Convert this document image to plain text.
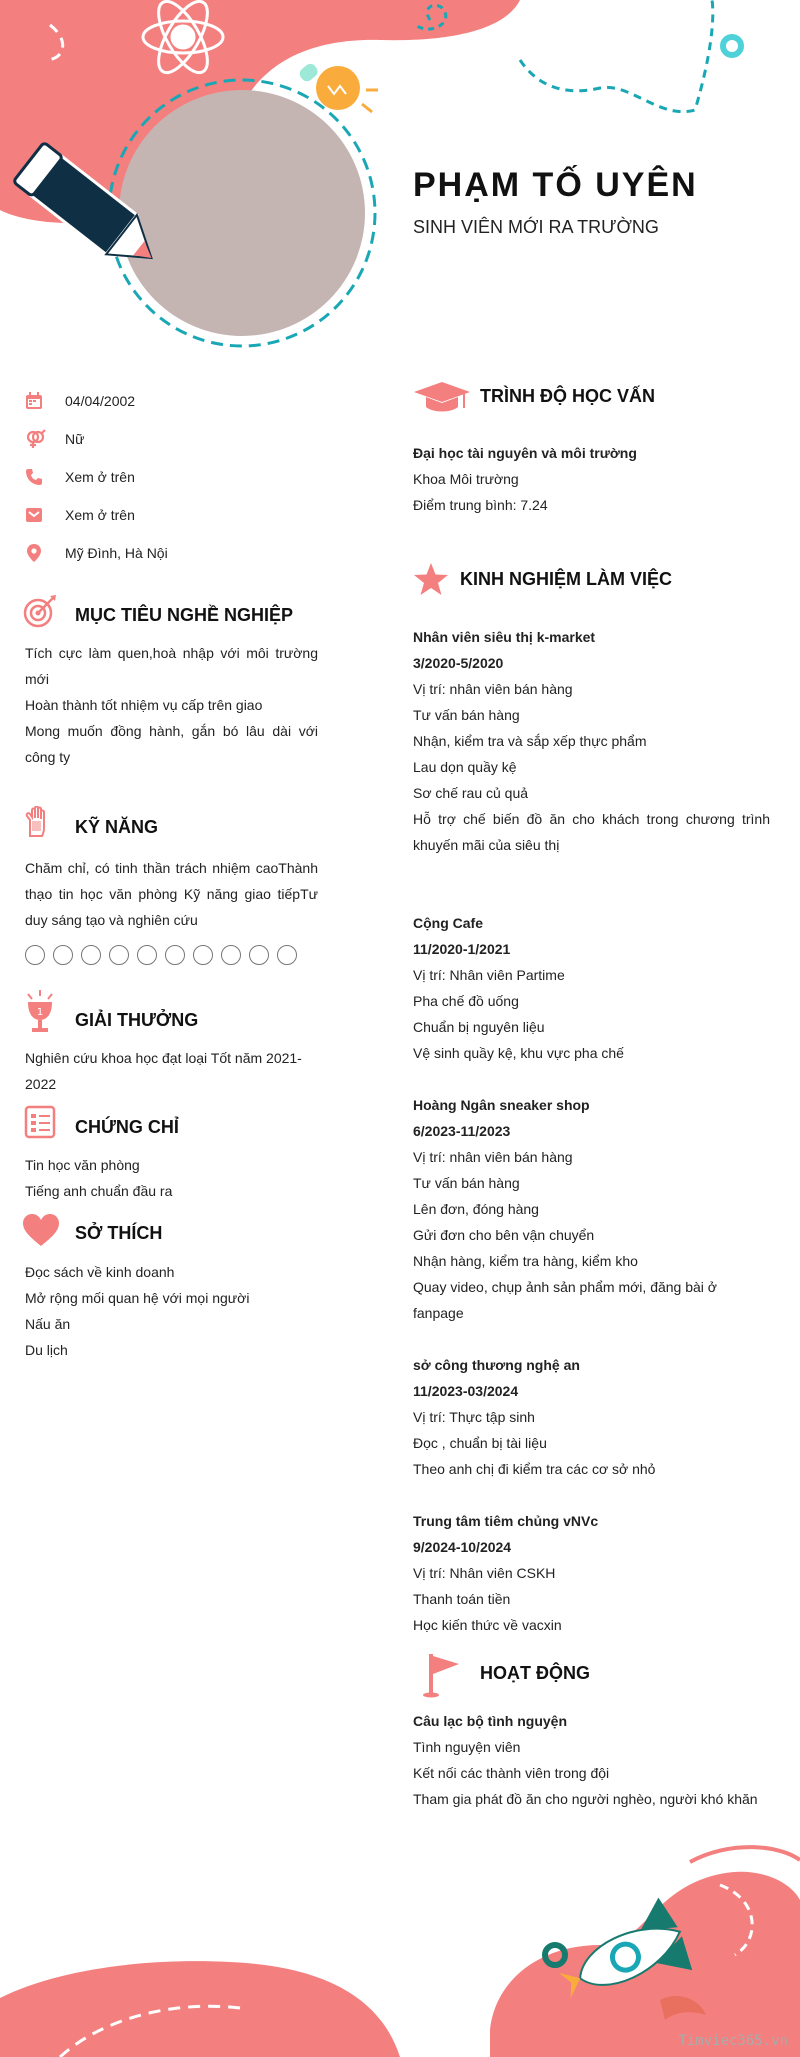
PHẠM TỐ UYÊN
SINH VIÊN MỚI RA TRƯỜNG
04/04/2002
Nữ
Xem ở trên
Xem ở trên
Mỹ Đình, Hà Nội
MỤC TIÊU NGHỀ NGHIỆP
Tích cực làm quen,hoà nhập với môi trường mới
Hoàn thành tốt nhiệm vụ cấp trên giao
Mong muốn đồng hành, gắn bó lâu dài với công ty
KỸ NĂNG
Chăm chỉ, có tinh thần trách nhiệm caoThành thạo tin học văn phòng Kỹ năng giao tiếpTư duy sáng tạo và nghiên cứu
1 GIẢI THƯỞNG
Nghiên cứu khoa học đạt loại Tốt năm 2021-2022
CHỨNG CHỈ
Tin học văn phòng
Tiếng anh chuẩn đầu ra
SỞ THÍCH
Đọc sách về kinh doanh
Mở rộng mối quan hệ với mọi người
Nấu ăn
Du lịch
TRÌNH ĐỘ HỌC VẤN
Đại học tài nguyên và môi trường
Khoa Môi trường
Điểm trung bình: 7.24
KINH NGHIỆM LÀM VIỆC
Nhân viên siêu thị k-market
3/2020-5/2020
Vị trí: nhân viên bán hàng
Tư vấn bán hàng
Nhận, kiểm tra và sắp xếp thực phẩm
Lau dọn quầy kệ
Sơ chế rau củ quả
Hỗ trợ chế biến đồ ăn cho khách trong chương trình khuyến mãi của siêu thị
Cộng Cafe
11/2020-1/2021
Vị trí: Nhân viên Partime
Pha chế đồ uống
Chuẩn bị nguyên liệu
Vệ sinh quầy kệ, khu vực pha chế
Hoàng Ngân sneaker shop
6/2023-11/2023
Vị trí: nhân viên bán hàng
Tư vấn bán hàng
Lên đơn, đóng hàng
Gửi đơn cho bên vận chuyển
Nhận hàng, kiểm tra hàng, kiểm kho
Quay video, chụp ảnh sản phẩm mới, đăng bài ở fanpage
sở công thương nghệ an
11/2023-03/2024
Vị trí: Thực tập sinh
Đọc , chuẩn bị tài liệu
Theo anh chị đi kiểm tra các cơ sở nhỏ
Trung tâm tiêm chủng vNVc
9/2024-10/2024
Vị trí: Nhân viên CSKH
Thanh toán tiền
Học kiến thức về vacxin
HOẠT ĐỘNG
Câu lạc bộ tình nguyện
Tình nguyện viên
Kết nối các thành viên trong đội
Tham gia phát đồ ăn cho người nghèo, người khó khăn
Timviec365.vn
